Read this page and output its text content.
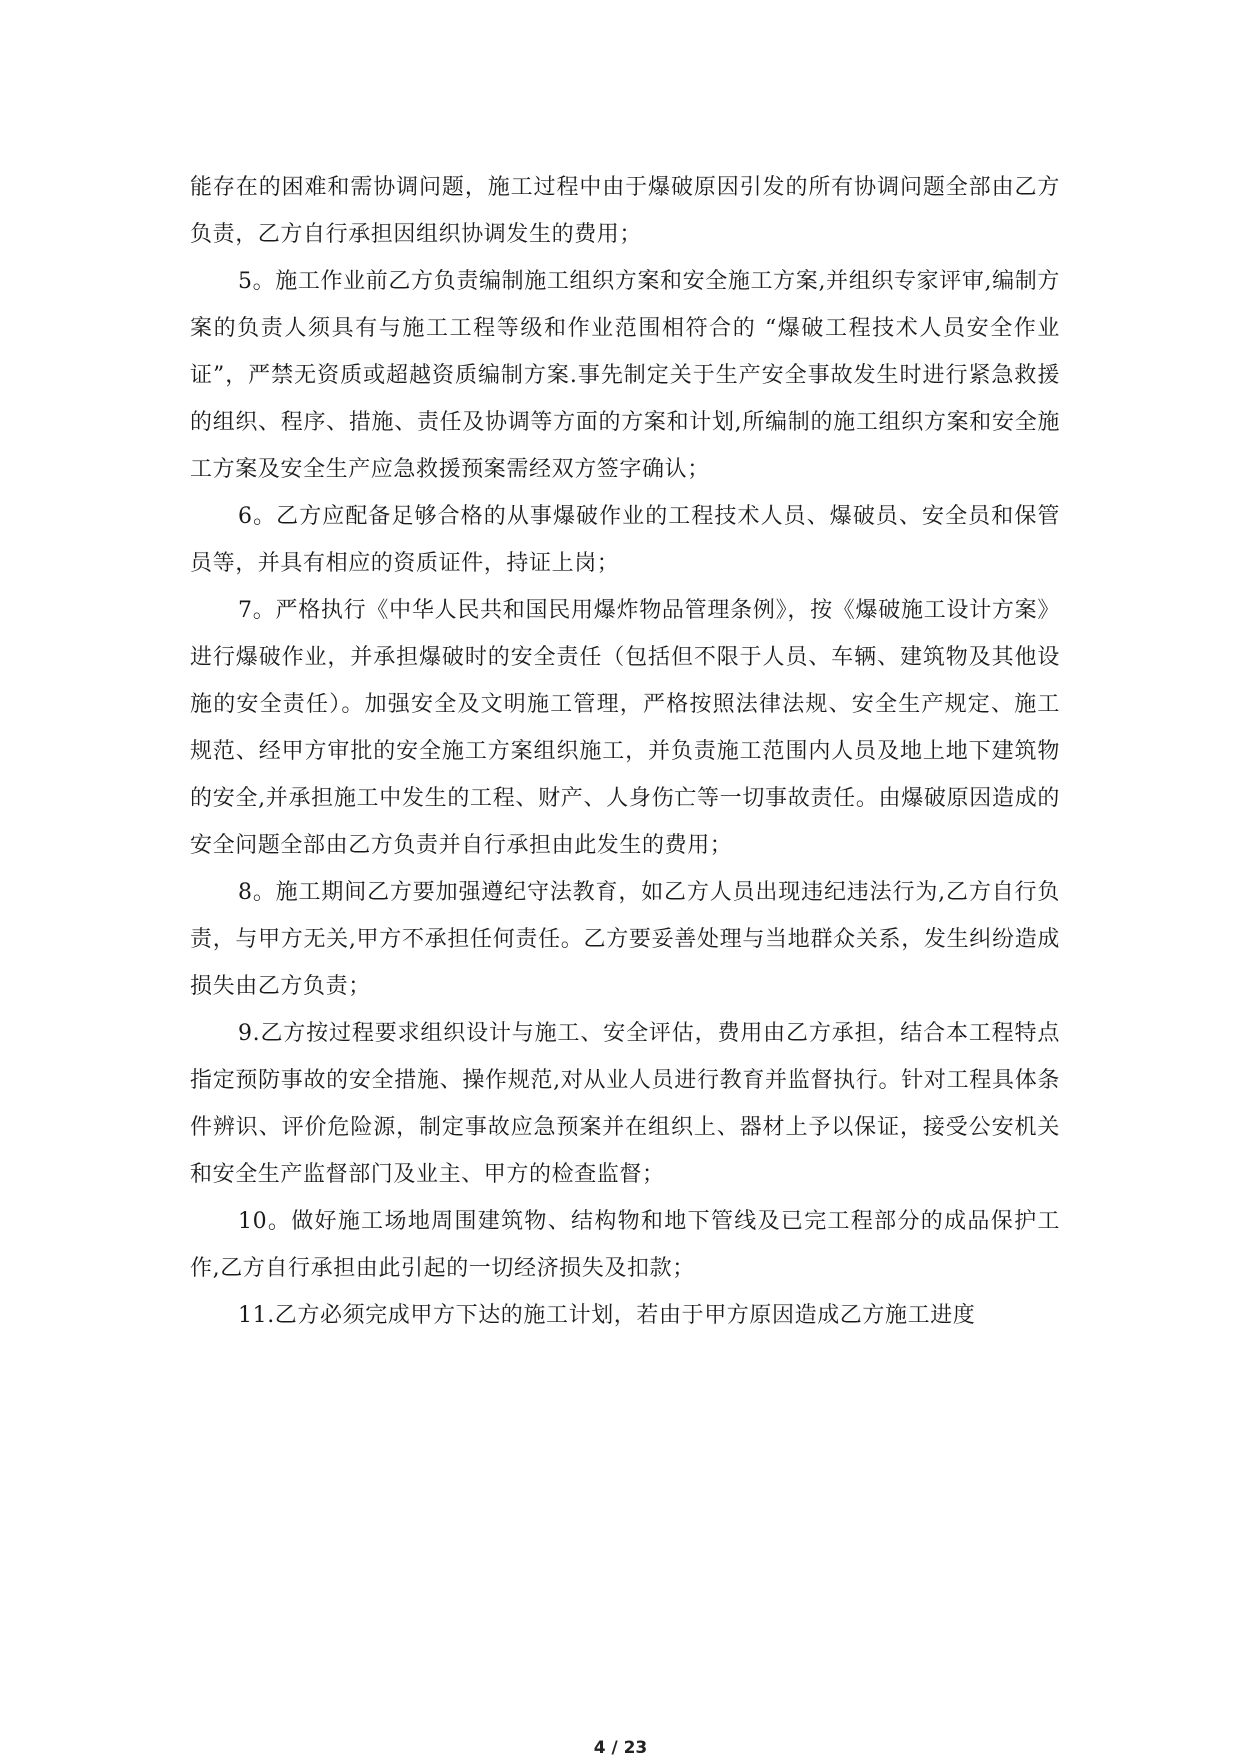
能存在的困难和需协调问题，施工过程中由于爆破原因引发的所有协调问题全部由乙方负责，乙方自行承担因组织协调发生的费用；

5。施工作业前乙方负责编制施工组织方案和安全施工方案,并组织专家评审,编制方案的负责人须具有与施工工程等级和作业范围相符合的 “爆破工程技术人员安全作业证”，严禁无资质或超越资质编制方案.事先制定关于生产安全事故发生时进行紧急救援的组织、程序、措施、责任及协调等方面的方案和计划,所编制的施工组织方案和安全施工方案及安全生产应急救援预案需经双方签字确认；

6。乙方应配备足够合格的从事爆破作业的工程技术人员、爆破员、安全员和保管员等，并具有相应的资质证件，持证上岗；

7。严格执行《中华人民共和国民用爆炸物品管理条例》，按《爆破施工设计方案》进行爆破作业，并承担爆破时的安全责任（包括但不限于人员、车辆、建筑物及其他设施的安全责任）。加强安全及文明施工管理，严格按照法律法规、安全生产规定、施工规范、经甲方审批的安全施工方案组织施工，并负责施工范围内人员及地上地下建筑物的安全,并承担施工中发生的工程、财产、人身伤亡等一切事故责任。由爆破原因造成的安全问题全部由乙方负责并自行承担由此发生的费用；

8。施工期间乙方要加强遵纪守法教育，如乙方人员出现违纪违法行为,乙方自行负责，与甲方无关,甲方不承担任何责任。乙方要妥善处理与当地群众关系，发生纠纷造成损失由乙方负责；

9.乙方按过程要求组织设计与施工、安全评估，费用由乙方承担，结合本工程特点指定预防事故的安全措施、操作规范,对从业人员进行教育并监督执行。针对工程具体条件辨识、评价危险源，制定事故应急预案并在组织上、器材上予以保证，接受公安机关和安全生产监督部门及业主、甲方的检查监督；

10。做好施工场地周围建筑物、结构物和地下管线及已完工程部分的成品保护工作,乙方自行承担由此引起的一切经济损失及扣款；

11.乙方必须完成甲方下达的施工计划，若由于甲方原因造成乙方施工进度

4 / 23
